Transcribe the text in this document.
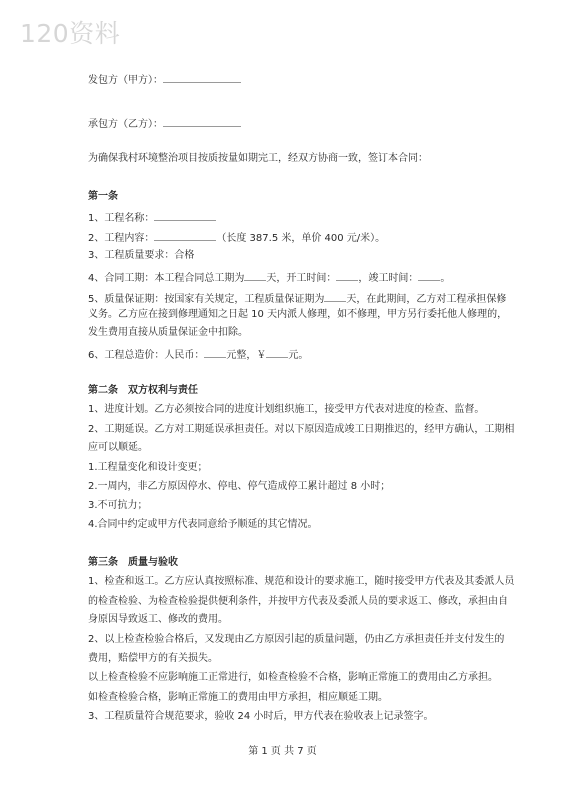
120资料
发包方（甲方）：
承包方（乙方）：
为确保我村环境整治项目按质按量如期完工，经双方协商一致，签订本合同：
第一条
1、工程名称：
2、工程内容：	（长度 387.5 米，单价 400 元/米）。
3、工程质量要求：合格
4、合同工期：本工程合同总工期为 天，开工时间： ，竣工时间： 。
5、质量保证期：按国家有关规定，工程质量保证期为 天，在此期间，乙方对工程承担保修
义务。乙方应在接到修理通知之日起 10 天内派人修理，如不修理，甲方另行委托他人修理的，
发生费用直接从质量保证金中扣除。
6、工程总造价：人民币： 元整，￥ 元。
第二条　双方权利与责任
1、进度计划。乙方必须按合同的进度计划组织施工，接受甲方代表对进度的检查、监督。
2、工期延误。乙方对工期延误承担责任。对以下原因造成竣工日期推迟的，经甲方确认，工期相
应可以顺延。
1.工程量变化和设计变更；
2.一周内，非乙方原因停水、停电、停气造成停工累计超过 8 小时；
3.不可抗力；
4.合同中约定或甲方代表同意给予顺延的其它情况。
第三条　质量与验收
1、检查和返工。乙方应认真按照标准、规范和设计的要求施工，随时接受甲方代表及其委派人员
的检查检验、为检查检验提供便利条件，并按甲方代表及委派人员的要求返工、修改，承担由自
身原因导致返工、修改的费用。
2、以上检查检验合格后，又发现由乙方原因引起的质量问题，仍由乙方承担责任并支付发生的
费用，赔偿甲方的有关损失。
以上检查检验不应影响施工正常进行，如检查检验不合格，影响正常施工的费用由乙方承担。
如检查检验合格，影响正常施工的费用由甲方承担，相应顺延工期。
3、工程质量符合规范要求，验收 24 小时后，甲方代表在验收表上记录签字。
第 1 页 共 7 页
